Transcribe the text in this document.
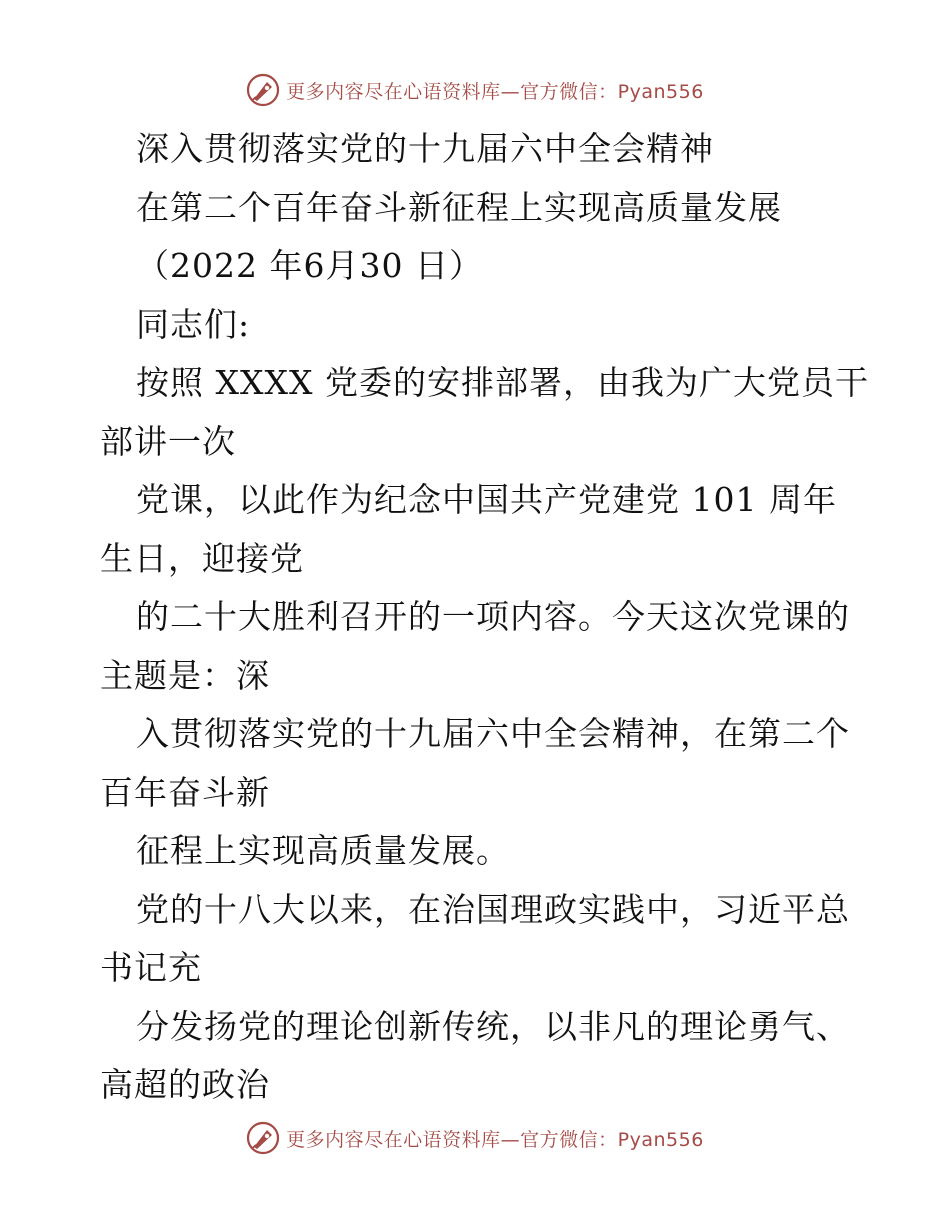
更多内容尽在心语资料库—官方微信：Pyan556
深入贯彻落实党的十九届六中全会精神
在第二个百年奋斗新征程上实现高质量发展
（2022 年6月30 日）
同志们:
按照 XXXX 党委的安排部署，由我为广大党员干
部讲一次
党课，以此作为纪念中国共产党建党 101 周年
生日，迎接党
的二十大胜利召开的一项内容。今天这次党课的
主题是：深
入贯彻落实党的十九届六中全会精神，在第二个
百年奋斗新
征程上实现高质量发展。
党的十八大以来，在治国理政实践中，习近平总
书记充
分发扬党的理论创新传统，以非凡的理论勇气、
高超的政治
更多内容尽在心语资料库—官方微信：Pyan556
